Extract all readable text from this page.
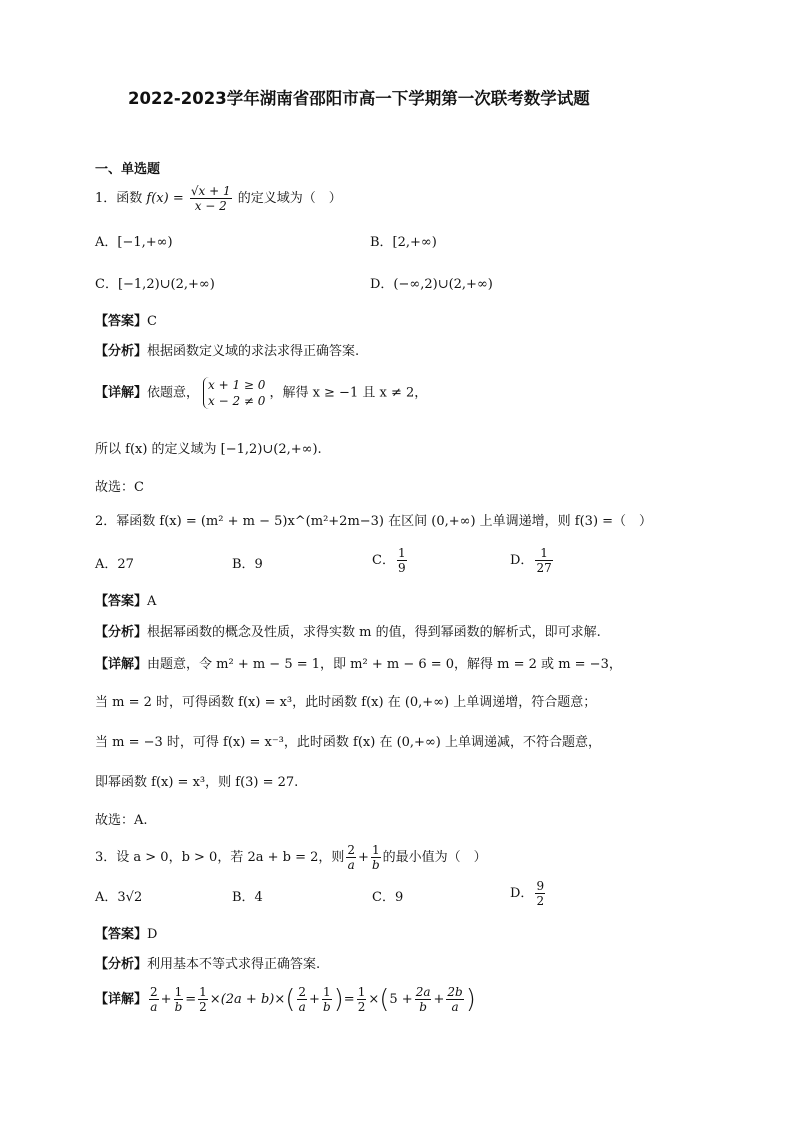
2022-2023学年湖南省邵阳市高一下学期第一次联考数学试题
一、单选题
1．函数 $f(x) = \frac{√x + 1}{x - 2}$ 的定义域为（　）
A．[−1,+∞)	B．[2,+∞)
C．[−1,2)∪(2,+∞)	D．(−∞,2)∪(2,+∞)
【答案】C
【分析】根据函数定义域的求法求得正确答案.
【详解】依题意，
x + 1 ≥ 0
x − 2 ≠ 0
，解得 x ≥ −1 且 x ≠ 2，
所以 f(x) 的定义域为 [−1,2)∪(2,+∞).
故选：C
2．幂函数 f(x) = (m² + m − 5)x^(m²+2m−3) 在区间 (0,+∞) 上单调递增，则 f(3) =（　）
A．27	B．9	C． $\frac{1}{9}$	D． $\frac{1}{27}$
【答案】A
【分析】根据幂函数的概念及性质，求得实数 m 的值，得到幂函数的解析式，即可求解.
【详解】由题意，令 m² + m − 5 = 1，即 m² + m − 6 = 0，解得 m = 2 或 m = −3，
当 m = 2 时，可得函数 f(x) = x³，此时函数 f(x) 在 (0,+∞) 上单调递增，符合题意；
当 m = −3 时，可得 f(x) = x⁻³，此时函数 f(x) 在 (0,+∞) 上单调递减，不符合题意，
即幂函数 f(x) = x³，则 f(3) = 27.
故选：A.
3．设 a > 0，b > 0，若 2a + b = 2，则 $\frac{2}{a} + \frac{1}{b}$ 的最小值为（　）
A．3√2	B．4	C．9	D． $\frac{9}{2}$
【答案】D
【分析】利用基本不等式求得正确答案.
【详解】 $\frac{2}{a} + \frac{1}{b} = \frac{1}{2} \times(2a + b)\times( \frac{2}{a} + \frac{1}{b}$ )= $\frac{1}{2} \times(5 + \frac{2a}{b} + \frac{2b}{a}$ )
